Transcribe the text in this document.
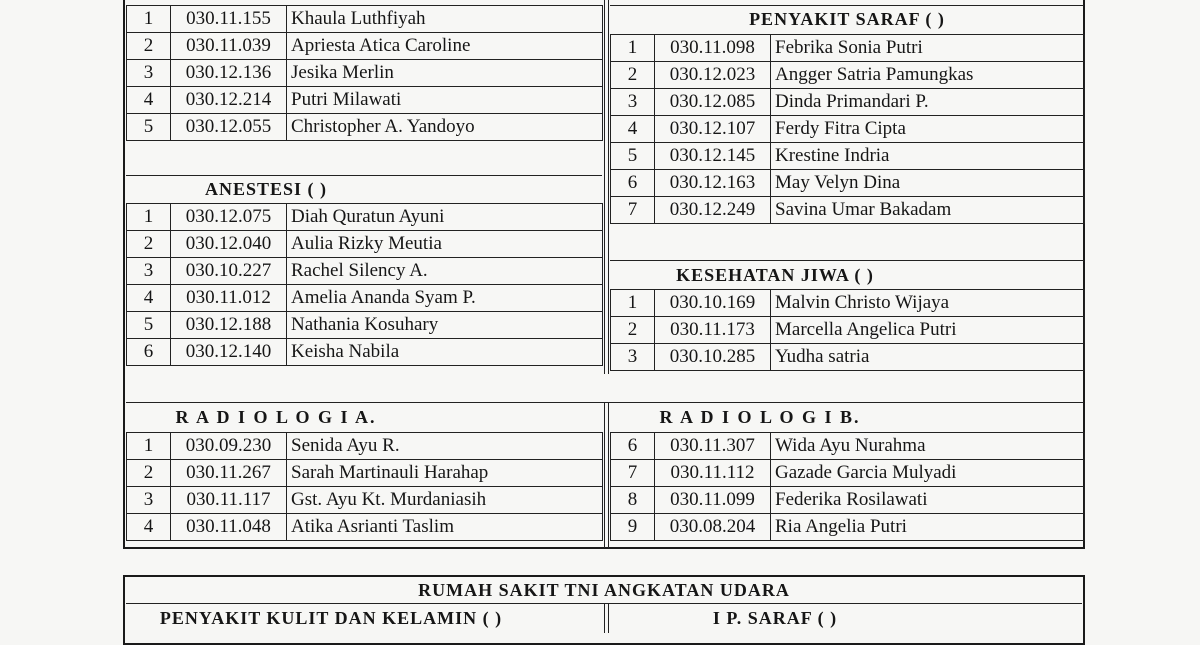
1	030.11.155	Khaula Luthfiyah
2	030.11.039	Apriesta Atica Caroline
3	030.12.136	Jesika Merlin
4	030.12.214	Putri Milawati
5	030.12.055	Christopher A. Yandoyo
PENYAKIT SARAF ( )
1	030.11.098	Febrika Sonia Putri
2	030.12.023	Angger Satria Pamungkas
3	030.12.085	Dinda Primandari P.
4	030.12.107	Ferdy Fitra Cipta
5	030.12.145	Krestine Indria
6	030.12.163	May Velyn Dina
7	030.12.249	Savina Umar Bakadam
ANESTESI ( )
1	030.12.075	Diah Quratun Ayuni
2	030.12.040	Aulia Rizky Meutia
3	030.10.227	Rachel Silency A.
4	030.11.012	Amelia Ananda Syam P.
5	030.12.188	Nathania Kosuhary
6	030.12.140	Keisha Nabila
KESEHATAN JIWA ( )
1	030.10.169	Malvin Christo Wijaya
2	030.11.173	Marcella Angelica Putri
3	030.10.285	Yudha satria
R A D I O L O G I A.	R A D I O L O G I B.
1	030.09.230	Senida Ayu R.
2	030.11.267	Sarah Martinauli Harahap
3	030.11.117	Gst. Ayu Kt. Murdaniasih
4	030.11.048	Atika Asrianti Taslim
6	030.11.307	Wida Ayu Nurahma
7	030.11.112	Gazade Garcia Mulyadi
8	030.11.099	Federika Rosilawati
9	030.08.204	Ria Angelia Putri
RUMAH SAKIT TNI ANGKATAN UDARA
PENYAKIT KULIT DAN KELAMIN ( )	I P. SARAF ( )
